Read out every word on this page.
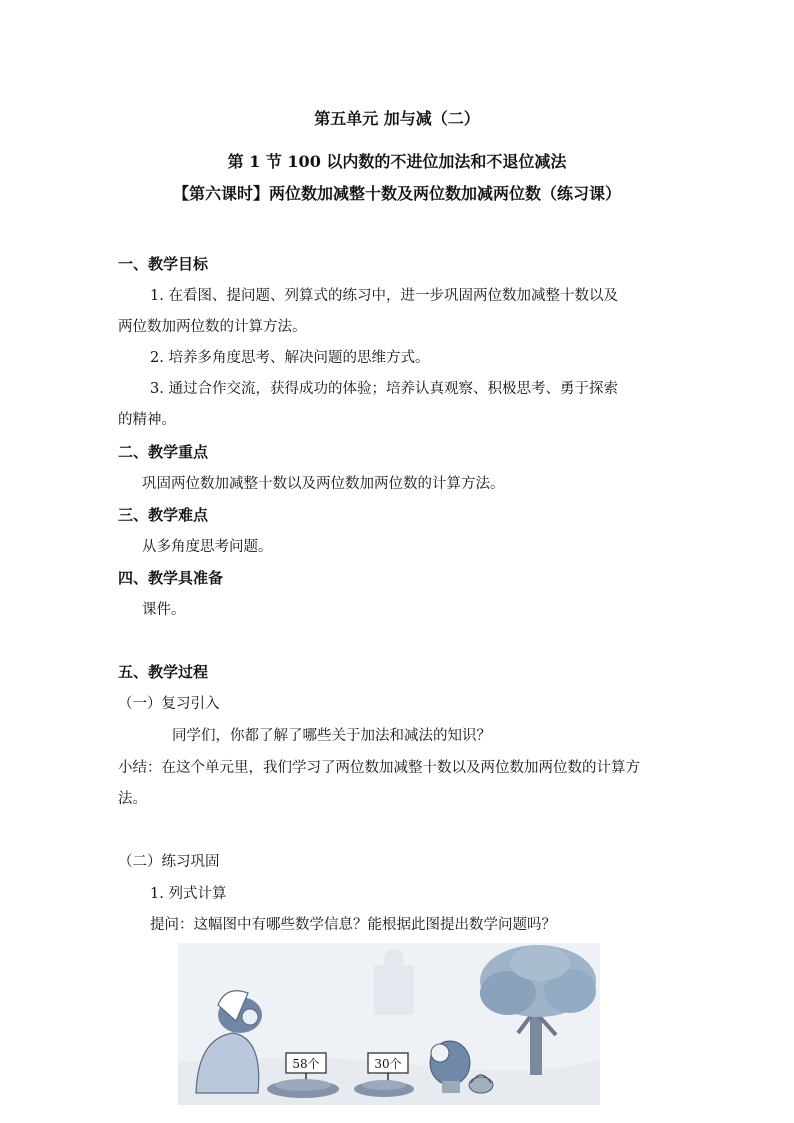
第五单元 加与减（二）
第 1 节 100 以内数的不进位加法和不退位减法
【第六课时】两位数加减整十数及两位数加减两位数（练习课）
一、教学目标
1. 在看图、提问题、列算式的练习中，进一步巩固两位数加减整十数以及
两位数加两位数的计算方法。
2. 培养多角度思考、解决问题的思维方式。
3. 通过合作交流，获得成功的体验；培养认真观察、积极思考、勇于探索
的精神。
二、教学重点
巩固两位数加减整十数以及两位数加两位数的计算方法。
三、教学难点
从多角度思考问题。
四、教学具准备
课件。
五、教学过程
（一）复习引入
同学们，你都了解了哪些关于加法和减法的知识？
小结：在这个单元里，我们学习了两位数加减整十数以及两位数加两位数的计算方
法。
（二）练习巩固
1. 列式计算
提问：这幅图中有哪些数学信息？能根据此图提出数学问题吗？
58个	30个
